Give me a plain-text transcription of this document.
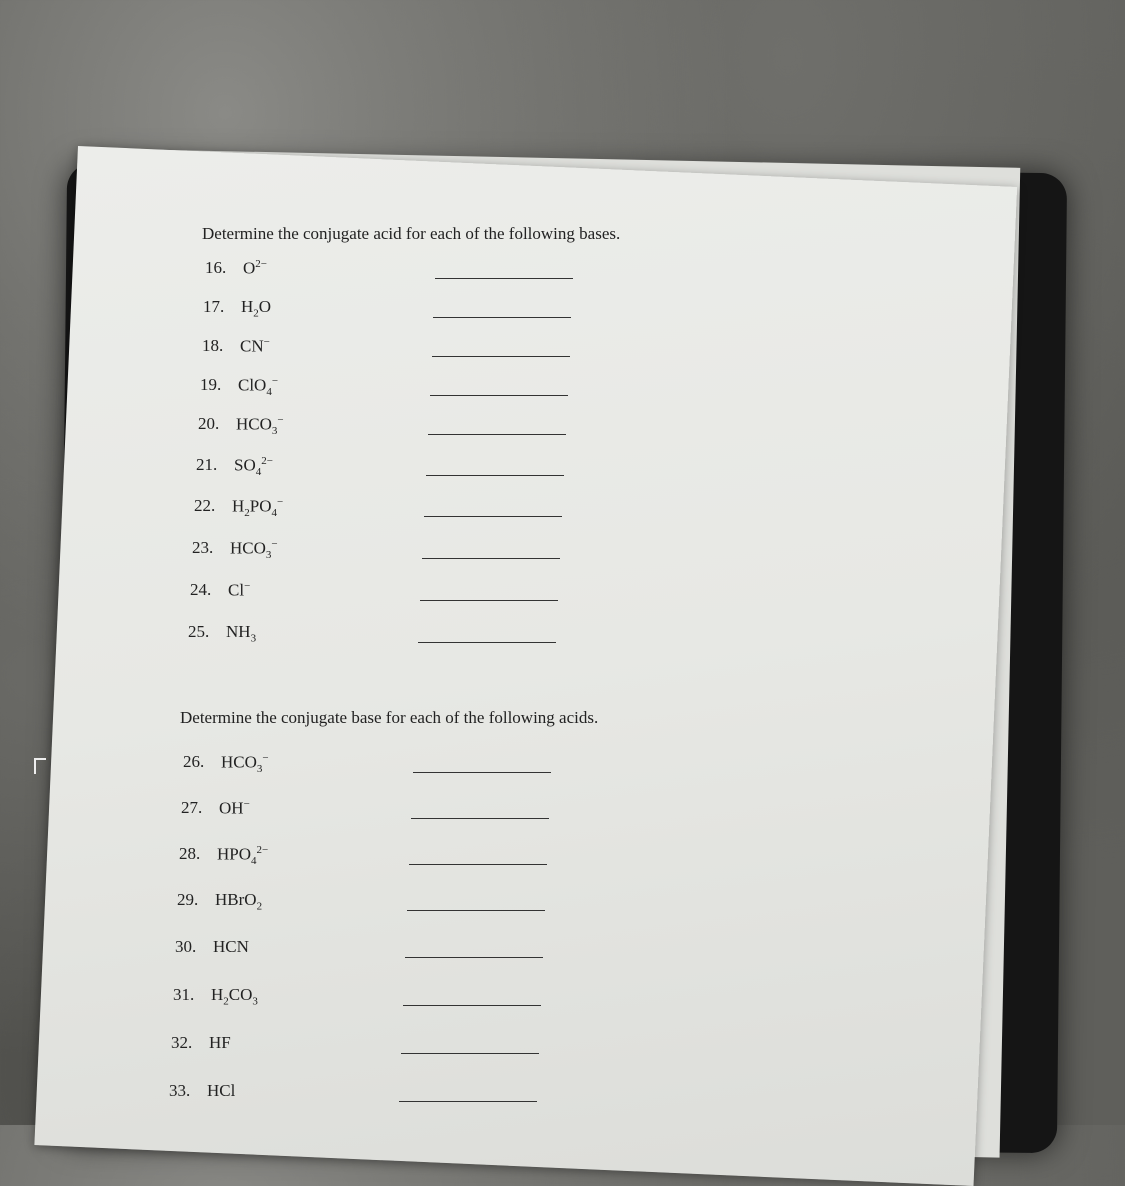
Determine the conjugate acid for each of the following bases.
16. $O^{2-}$
17. $H_2O$
18. CN−
19. ClO$_4$−
20. $HCO_3^-$
21. $SO_4^{2-}$
22. $H_2PO_4^-$
23. $HCO_3^-$
24. Cl−
25. $NH_3$
Determine the conjugate base for each of the following acids.
26. $HCO_3^-$
27. OH−
28. $HPO_4^{2-}$
29. HBrO$_2$
30. HCN
31. $H_2CO_3$
32. HF
33. HCl
